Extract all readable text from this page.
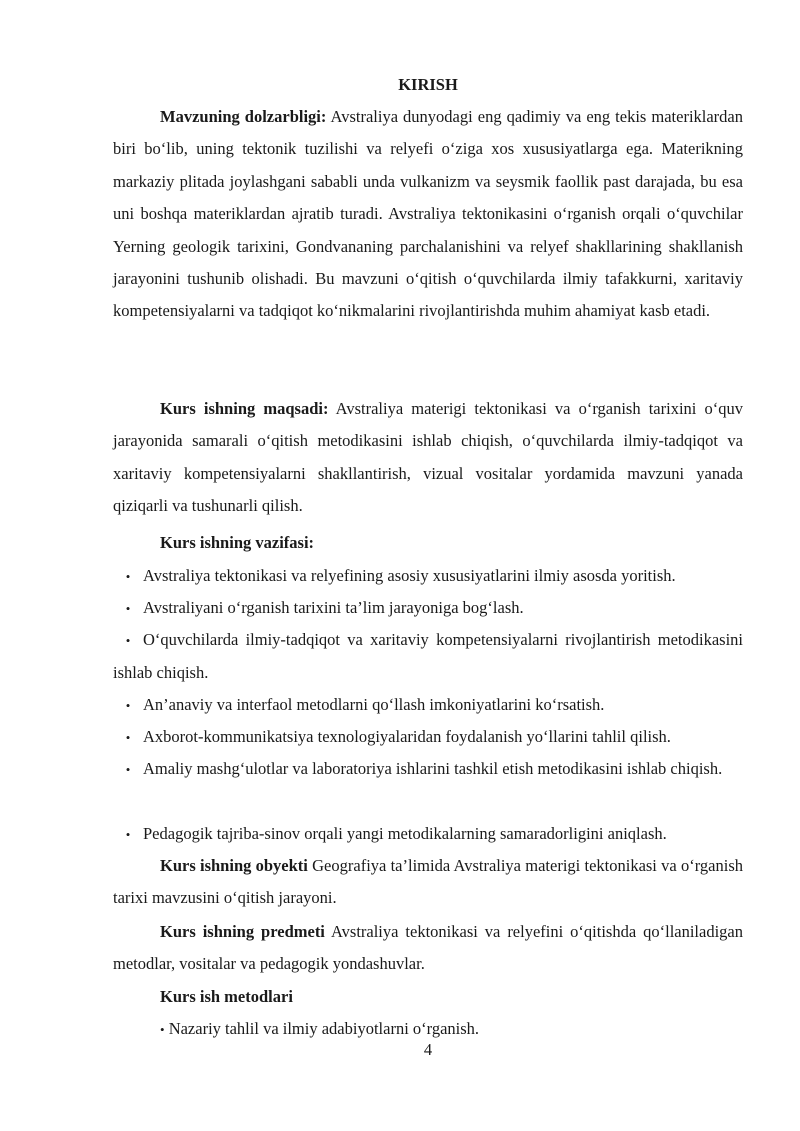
KIRISH
Mavzuning dolzarbligi: Avstraliya dunyodagi eng qadimiy va eng tekis materiklardan biri bo‘lib, uning tektonik tuzilishi va relyefi o‘ziga xos xususiyatlarga ega. Materikning markaziy plitada joylashgani sababli unda vulkanizm va seysmik faollik past darajada, bu esa uni boshqa materiklardan ajratib turadi. Avstraliya tektonikasini o‘rganish orqali o‘quvchilar Yerning geologik tarixini, Gondvananing parchalanishini va relyef shakllarining shakllanish jarayonini tushunib olishadi. Bu mavzuni o‘qitish o‘quvchilarda ilmiy tafakkurni, xaritaviy kompetensiyalarni va tadqiqot ko‘nikmalarini rivojlantirishda muhim ahamiyat kasb etadi.
Kurs ishning maqsadi: Avstraliya materigi tektonikasi va o‘rganish tarixini o‘quv jarayonida samarali o‘qitish metodikasini ishlab chiqish, o‘quvchilarda ilmiy-tadqiqot va xaritaviy kompetensiyalarni shakllantirish, vizual vositalar yordamida mavzuni yanada qiziqarli va tushunarli qilish.
Kurs ishning vazifasi:
• Avstraliya tektonikasi va relyefining asosiy xususiyatlarini ilmiy asosda yoritish.
• Avstraliyani o‘rganish tarixini ta’lim jarayoniga bog‘lash.
• O‘quvchilarda ilmiy-tadqiqot va xaritaviy kompetensiyalarni rivojlantirish metodikasini ishlab chiqish.
• An’anaviy va interfaol metodlarni qo‘llash imkoniyatlarini ko‘rsatish.
• Axborot-kommunikatsiya texnologiyalaridan foydalanish yo‘llarini tahlil qilish.
• Amaliy mashg‘ulotlar va laboratoriya ishlarini tashkil etish metodikasini ishlab chiqish.
• Pedagogik tajriba-sinov orqali yangi metodikalarning samaradorligini aniqlash.
Kurs ishning obyekti Geografiya ta’limida Avstraliya materigi tektonikasi va o‘rganish tarixi mavzusini o‘qitish jarayoni.
Kurs ishning predmeti Avstraliya tektonikasi va relyefini o‘qitishda qo‘llaniladigan metodlar, vositalar va pedagogik yondashuvlar.
Kurs ish metodlari
• Nazariy tahlil va ilmiy adabiyotlarni o‘rganish.
4
